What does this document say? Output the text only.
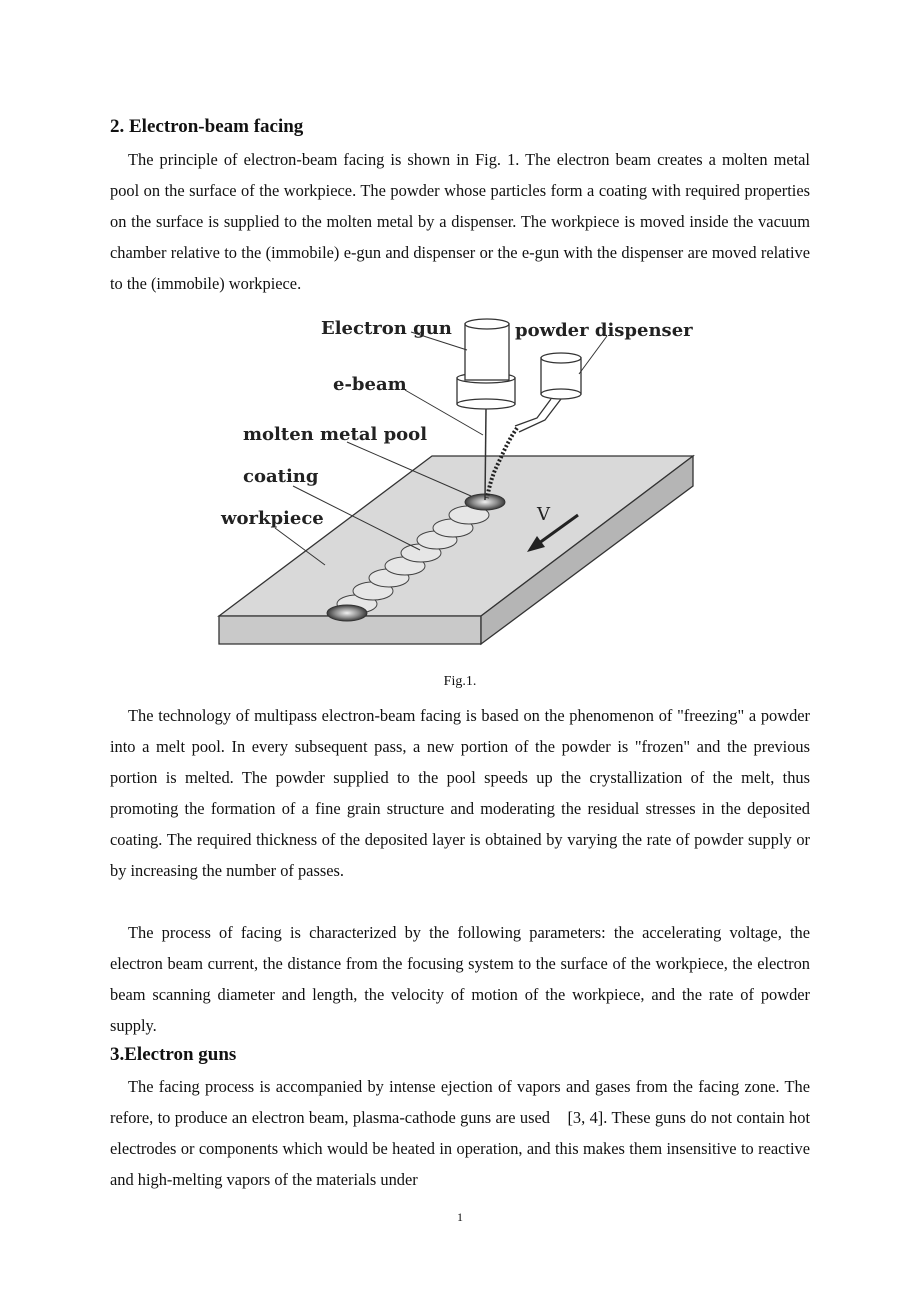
2. Electron-beam facing

The principle of electron-beam facing is shown in Fig. 1. The electron beam creates a molten metal pool on the surface of the workpiece. The powder whose particles form a coating with required properties on the surface is supplied to the molten metal by a dispenser. The workpiece is moved inside the vacuum chamber relative to the (immobile) e-gun and dispenser or the e-gun with the dispenser are moved relative to the (immobile) workpiece.

Electron gun	powder dispenser
e-beam
molten metal pool
coating
workpiece	V
Fig.1.

The technology of multipass electron-beam facing is based on the phenomenon of "freezing" a powder into a melt pool. In every subsequent pass, a new portion of the powder is "frozen" and the previous portion is melted. The powder supplied to the pool speeds up the crystallization of the melt, thus promoting the formation of a fine grain structure and moderating the residual stresses in the deposited coating. The required thickness of the deposited layer is obtained by varying the rate of powder supply or by increasing the number of passes.

The process of facing is characterized by the following parameters: the accelerating voltage, the electron beam current, the distance from the focusing system to the surface of the workpiece, the electron beam scanning diameter and length, the velocity of motion of the workpiece, and the rate of powder supply.

3.Electron guns

The facing process is accompanied by intense ejection of vapors and gases from the facing zone. The refore, to produce an electron beam, plasma-cathode guns are used    [3, 4]. These guns do not contain hot electrodes or components which would be heated in operation, and this makes them insensitive to reactive and high-melting vapors of the materials under

1
